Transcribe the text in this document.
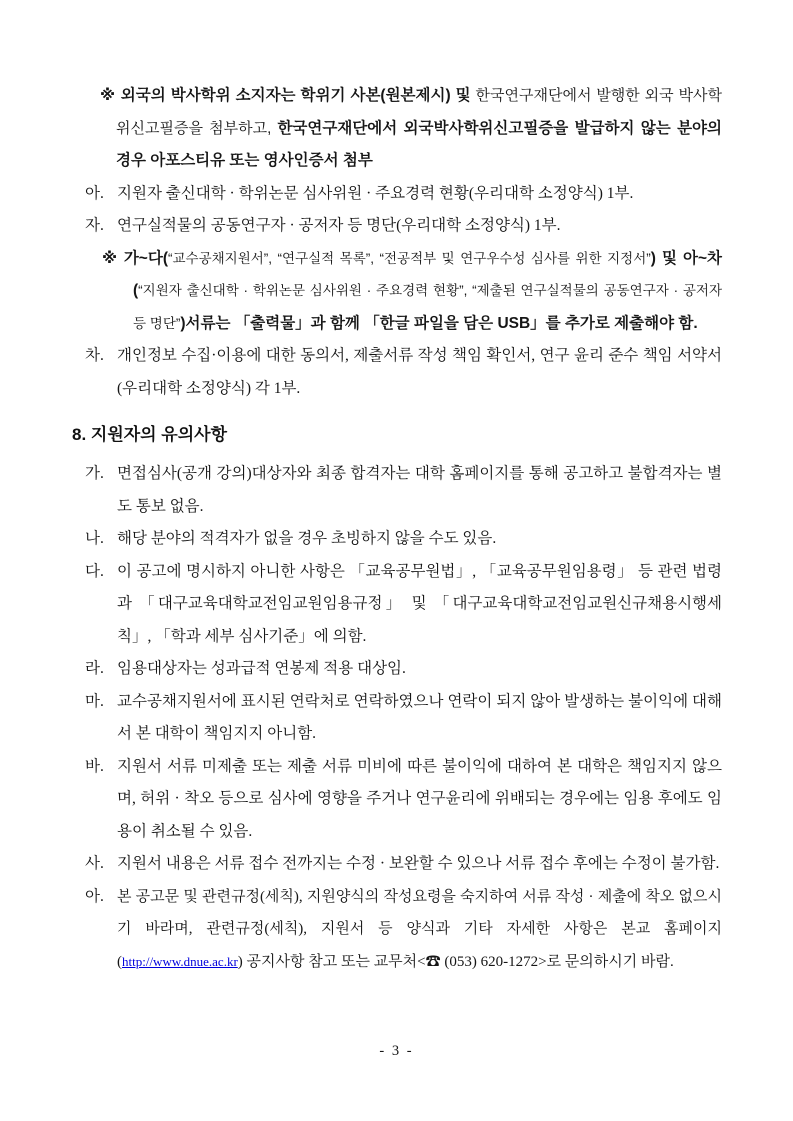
※ 외국의 박사학위 소지자는 학위기 사본(원본제시) 및 한국연구재단에서 발행한 외국 박사학위신고필증을 첨부하고, 한국연구재단에서 외국박사학위신고필증을 발급하지 않는 분야의 경우 아포스티유 또는 영사인증서 첨부

아. 지원자 출신대학 · 학위논문 심사위원 · 주요경력 현황(우리대학 소정양식) 1부.
자. 연구실적물의 공동연구자 · 공저자 등 명단(우리대학 소정양식) 1부.

※ 가~다(“교수공채지원서”, “연구실적 목록”, “전공적부 및 연구우수성 심사를 위한 지정서”) 및 아~차 (“지원자 출신대학 · 학위논문 심사위원 · 주요경력 현황”, “제출된 연구실적물의 공동연구자 · 공저자 등 명단”)서류는 「출력물」과 함께 「한글 파일을 담은 USB」를 추가로 제출해야 함.

차. 개인정보 수집·이용에 대한 동의서, 제출서류 작성 책임 확인서, 연구 윤리 준수 책임 서약서(우리대학 소정양식) 각 1부.
8. 지원자의 유의사항
가. 면접심사(공개 강의)대상자와 최종 합격자는 대학 홈페이지를 통해 공고하고 불합격자는 별도 통보 없음.
나. 해당 분야의 적격자가 없을 경우 초빙하지 않을 수도 있음.
다. 이 공고에 명시하지 아니한 사항은 「교육공무원법」, 「교육공무원임용령」 등 관련 법령과 「대구교육대학교전임교원임용규정」 및 「대구교육대학교전임교원신규채용시행세칙」, 「학과 세부 심사기준」에 의함.
라. 임용대상자는 성과급적 연봉제 적용 대상임.
마. 교수공채지원서에 표시된 연락처로 연락하였으나 연락이 되지 않아 발생하는 불이익에 대해서 본 대학이 책임지지 아니함.
바. 지원서 서류 미제출 또는 제출 서류 미비에 따른 불이익에 대하여 본 대학은 책임지지 않으며, 허위 · 착오 등으로 심사에 영향을 주거나 연구윤리에 위배되는 경우에는 임용 후에도 임용이 취소될 수 있음.
사. 지원서 내용은 서류 접수 전까지는 수정 · 보완할 수 있으나 서류 접수 후에는 수정이 불가함.
아. 본 공고문 및 관련규정(세칙), 지원양식의 작성요령을 숙지하여 서류 작성 · 제출에 착오 없으시기 바라며, 관련규정(세칙), 지원서 등 양식과 기타 자세한 사항은 본교 홈페이지(http://www.dnue.ac.kr) 공지사항 참고 또는 교무처<☎ (053) 620-1272>로 문의하시기 바람.
- 3 -
